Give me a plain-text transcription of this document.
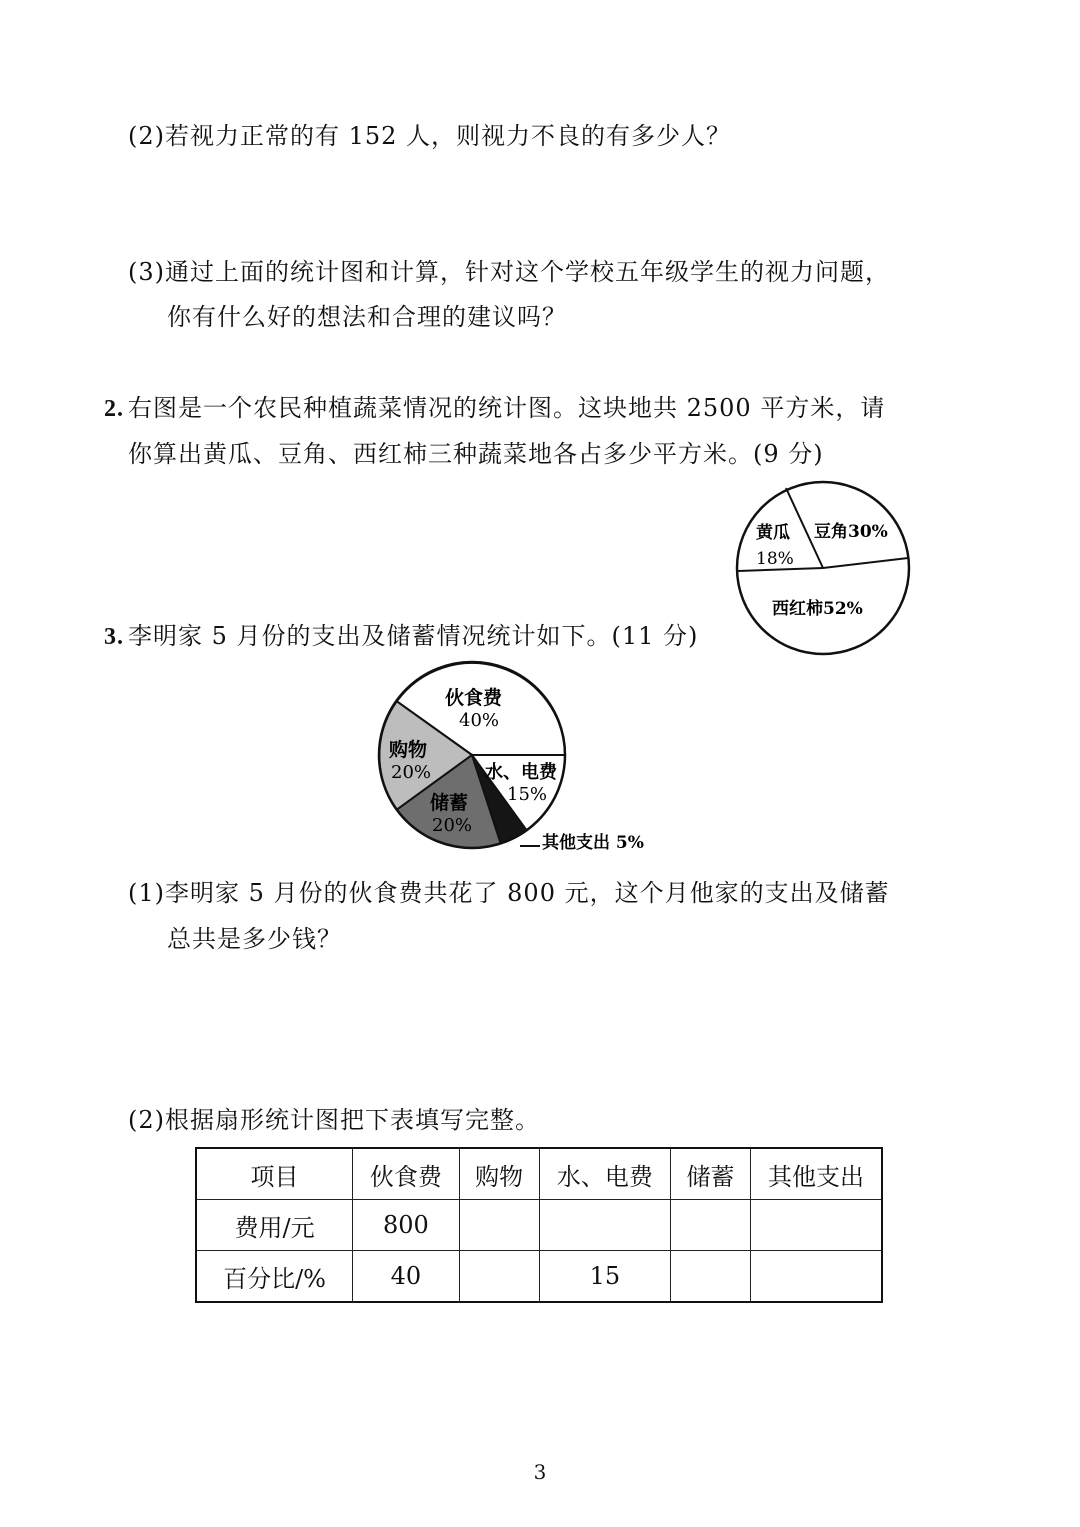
(2)若视力正常的有 152 人，则视力不良的有多少人？
(3)通过上面的统计图和计算，针对这个学校五年级学生的视力问题，
你有什么好的想法和合理的建议吗？
2. 右图是一个农民种植蔬菜情况的统计图。这块地共 2500 平方米，请
你算出黄瓜、豆角、西红柿三种蔬菜地各占多少平方米。(9 分)
3. 李明家 5 月份的支出及储蓄情况统计如下。(11 分)
黄瓜
18%
豆角30%
西红柿52%
伙食费
40%
水、电费
15%
其他支出 5%
储蓄
20%
购物
20%
(1)李明家 5 月份的伙食费共花了 800 元，这个月他家的支出及储蓄
总共是多少钱？
(2)根据扇形统计图把下表填写完整。
项目	伙食费	购物	水、电费	储蓄	其他支出
费用/元	800				
百分比/%	40		15		
3
